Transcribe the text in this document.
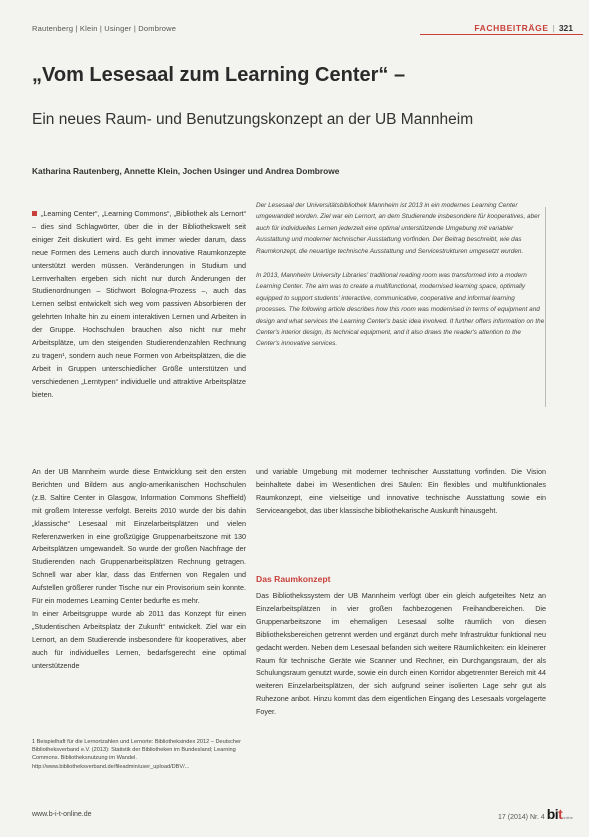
Rautenberg | Klein | Usinger | Dombrowe	FACHBEITRÄGE | 321
„Vom Lesesaal zum Learning Center“ –
Ein neues Raum- und Benutzungskonzept an der UB Mannheim
Katharina Rautenberg, Annette Klein, Jochen Usinger und Andrea Dombrowe

„Learning Center“, „Learning Commons“, „Bibliothek als Lernort“ – dies sind Schlagwörter, über die in der Bibliothekswelt seit einiger Zeit diskutiert wird. Es geht immer wieder darum, dass neue Formen des Lernens auch durch innovative Raumkonzepte unterstützt werden müssen. Veränderungen in Studium und Lernverhalten ergeben sich nicht nur durch Änderungen der Studienordnungen – Stichwort Bologna-Prozess –, auch das Lernen selbst entwickelt sich weg vom passiven Absorbieren der gelehrten Inhalte hin zu einem interaktiven Lernen und Arbeiten in der Gruppe. Hochschulen brauchen also nicht nur mehr Arbeitsplätze, um den steigenden Studierendenzahlen Rechnung zu tragen¹, sondern auch neue Formen von Arbeitsplätzen, die die Arbeit in Gruppen unterschiedlicher Größe unterstützen und verschiedenen „Lerntypen“ individuelle und attraktive Arbeitsplätze bieten.

An der UB Mannheim wurde diese Entwicklung seit den ersten Berichten und Bildern aus anglo-amerikanischen Hochschulen (z.B. Saltire Center in Glasgow, Information Commons Sheffield) mit großem Interesse verfolgt. Bereits 2010 wurde der bis dahin „klassische“ Lesesaal mit Einzelarbeitsplätzen und vielen Referenzwerken in eine großzügige Gruppenarbeitszone mit 130 Arbeitsplätzen umgewandelt. So wurde der großen Nachfrage der Studierenden nach Gruppenarbeitsplätzen Rechnung getragen. Schnell war aber klar, dass das Entfernen von Regalen und Aufstellen größerer runder Tische nur ein Provisorium sein konnte. Für ein modernes Learning Center bedurfte es mehr.

In einer Arbeitsgruppe wurde ab 2011 das Konzept für einen „Studentischen Arbeitsplatz der Zukunft“ entwickelt. Ziel war ein Lernort, an dem Studierende insbesondere für kooperatives, aber auch für individuelles Lernen, bedarfsgerecht eine optimal unterstützende

Der Lesesaal der Universitätsbibliothek Mannheim ist 2013 in ein modernes Learning Center umgewandelt worden. Ziel war ein Lernort, an dem Studierende insbesondere für kooperatives, aber auch für individuelles Lernen jederzeit eine optimal unterstützende Umgebung mit variabler Ausstattung und moderner technischer Ausstattung vorfinden. Der Beitrag beschreibt, wie das Raumkonzept, die neuartige technische Ausstattung und Servicestrukturen umgesetzt wurden.

In 2013, Mannheim University Libraries' traditional reading room was transformed into a modern Learning Center. The aim was to create a multifunctional, modernised learning space, optimally equipped to support students' interactive, communicative, cooperative and informal learning processes. The following article describes how this room was modernised in terms of equipment and design and what services the Learning Center's basic idea involved. It further offers information on the Center's interior design, its technical equipment, and it also draws the reader's attention to the Center's innovative services.

und variable Umgebung mit moderner technischer Ausstattung vorfinden. Die Vision beinhaltete dabei im Wesentlichen drei Säulen: Ein flexibles und multifunktionales Raumkonzept, eine vielseitige und innovative technische Ausstattung sowie ein Serviceangebot, das über klassische bibliothekarische Auskunft hinausgeht.

Das Raumkonzept

Das Bibliothekssystem der UB Mannheim verfügt über ein gleich aufgeteiltes Netz an Einzelarbeitsplätzen in vier großen fachbezogenen Freihandbereichen. Die Gruppenarbeitszone im ehemaligen Lesesaal sollte räumlich von diesen Bibliotheksbereichen getrennt werden und ergänzt durch mehr Infrastruktur funktional neu gedacht werden. Neben dem Lesesaal befanden sich weitere Räumlichkeiten: ein kleinerer Raum für technische Geräte wie Scanner und Rechner, ein Durchgangsraum, der als Schulungsraum genutzt wurde, sowie ein durch einen Korridor abgetrennter Bereich mit 44 weiteren Einzelarbeitsplätzen, der sich aufgrund seiner isolierten Lage sehr gut als Ruhezone anbot. Hinzu kommt das dem eigentlichen Eingang des Lesesaals vorgelagerte Foyer.

1 Beispielhaft für die Lernortzahlen und Lernorte: Bibliotheksindex 2012 – Deutscher Bibliotheksverband e.V. (2013): Statistik der Bibliotheken im Bundesland; Learning Commons. Bibliotheksnutzung im Wandel. http://www.bibliotheksverband.de/fileadmin/user_upload/DBV/...
www.b-i-t-online.de	17 (2014) Nr. 4 bitonline
